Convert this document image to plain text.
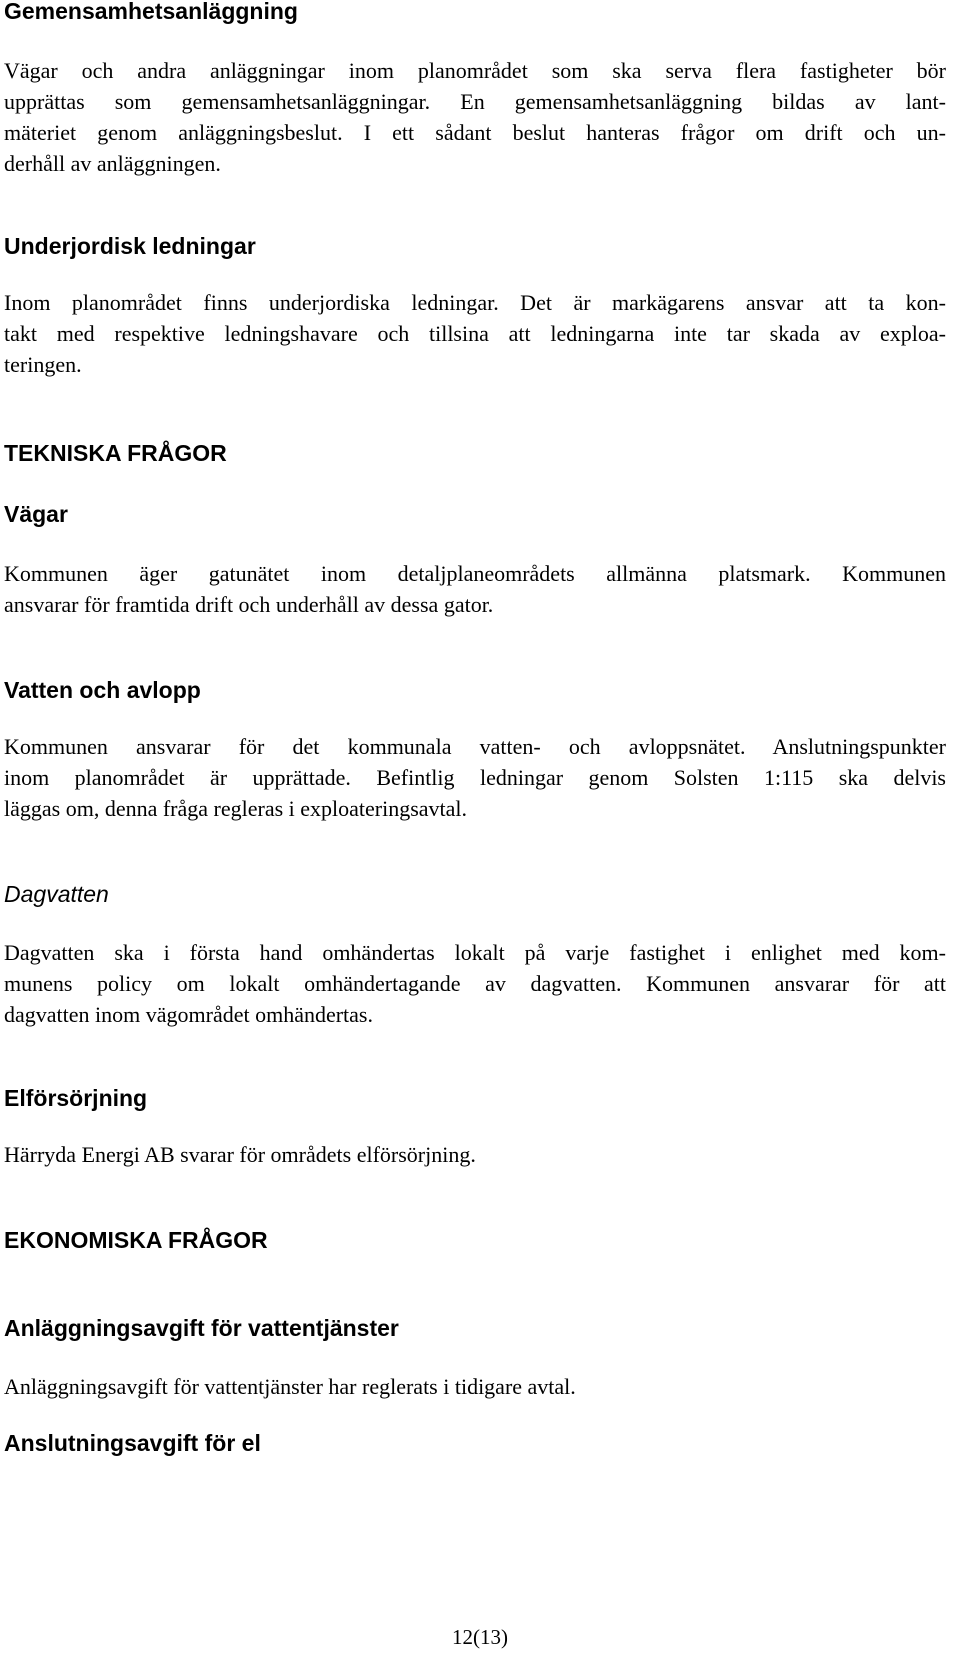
Gemensamhetsanläggning
Vägar och andra anläggningar inom planområdet som ska serva flera fastigheter bör
upprättas som gemensamhetsanläggningar. En gemensamhetsanläggning bildas av lant-
mäteriet genom anläggningsbeslut. I ett sådant beslut hanteras frågor om drift och un-
derhåll av anläggningen.
Underjordisk ledningar
Inom planområdet finns underjordiska ledningar. Det är markägarens ansvar att ta kon-
takt med respektive ledningshavare och tillsina att ledningarna inte tar skada av exploa-
teringen.
TEKNISKA FRÅGOR
Vägar
Kommunen äger gatunätet inom detaljplaneområdets allmänna platsmark. Kommunen
ansvarar för framtida drift och underhåll av dessa gator.
Vatten och avlopp
Kommunen ansvarar för det kommunala vatten- och avloppsnätet. Anslutningspunkter
inom planområdet är upprättade. Befintlig ledningar genom Solsten 1:115 ska delvis
läggas om, denna fråga regleras i exploateringsavtal.
Dagvatten
Dagvatten ska i första hand omhändertas lokalt på varje fastighet i enlighet med kom-
munens policy om lokalt omhändertagande av dagvatten. Kommunen ansvarar för att
dagvatten inom vägområdet omhändertas.
Elförsörjning
Härryda Energi AB svarar för områdets elförsörjning.
EKONOMISKA FRÅGOR
Anläggningsavgift för vattentjänster
Anläggningsavgift för vattentjänster har reglerats i tidigare avtal.
Anslutningsavgift för el
12(13)
